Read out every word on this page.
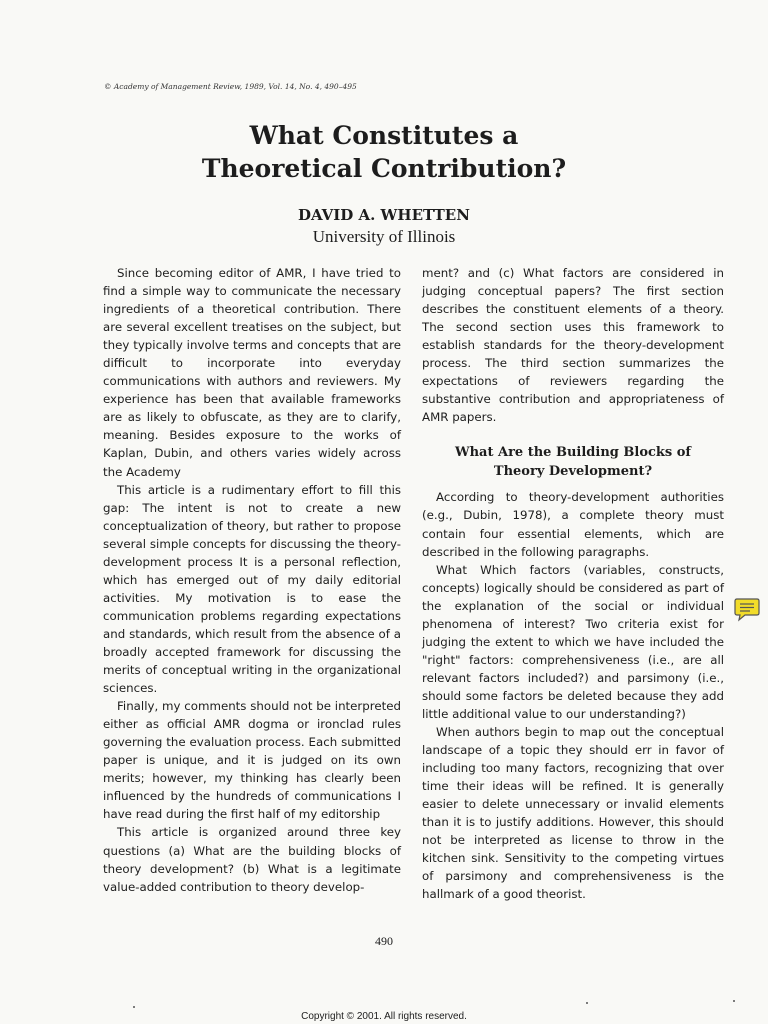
© Academy of Management Review, 1989, Vol. 14, No. 4, 490–495
What Constitutes a
Theoretical Contribution?
DAVID A. WHETTEN
University of Illinois

Since becoming editor of AMR, I have tried to find a simple way to communicate the necessary ingredients of a theoretical contribution. There are several excellent treatises on the subject, but they typically involve terms and concepts that are difficult to incorporate into everyday communications with authors and reviewers. My experience has been that available frameworks are as likely to obfuscate, as they are to clarify, meaning. Besides exposure to the works of Kaplan, Dubin, and others varies widely across the Academy

This article is a rudimentary effort to fill this gap: The intent is not to create a new conceptualization of theory, but rather to propose several simple concepts for discussing the theory-development process It is a personal reflection, which has emerged out of my daily editorial activities. My motivation is to ease the communication problems regarding expectations and standards, which result from the absence of a broadly accepted framework for discussing the merits of conceptual writing in the organizational sciences.

Finally, my comments should not be interpreted either as official AMR dogma or ironclad rules governing the evaluation process. Each submitted paper is unique, and it is judged on its own merits; however, my thinking has clearly been influenced by the hundreds of communications I have read during the first half of my editorship

This article is organized around three key questions (a) What are the building blocks of theory development? (b) What is a legitimate value-added contribution to theory develop-

ment? and (c) What factors are considered in judging conceptual papers? The first section describes the constituent elements of a theory. The second section uses this framework to establish standards for the theory-development process. The third section summarizes the expectations of reviewers regarding the substantive contribution and appropriateness of AMR papers.

What Are the Building Blocks of
Theory Development?

According to theory-development authorities (e.g., Dubin, 1978), a complete theory must contain four essential elements, which are described in the following paragraphs.

What Which factors (variables, constructs, concepts) logically should be considered as part of the explanation of the social or individual phenomena of interest? Two criteria exist for judging the extent to which we have included the "right" factors: comprehensiveness (i.e., are all relevant factors included?) and parsimony (i.e., should some factors be deleted because they add little additional value to our understanding?)

When authors begin to map out the conceptual landscape of a topic they should err in favor of including too many factors, recognizing that over time their ideas will be refined. It is generally easier to delete unnecessary or invalid elements than it is to justify additions. However, this should not be interpreted as license to throw in the kitchen sink. Sensitivity to the competing virtues of parsimony and comprehensiveness is the hallmark of a good theorist.

490
Copyright © 2001. All rights reserved.
